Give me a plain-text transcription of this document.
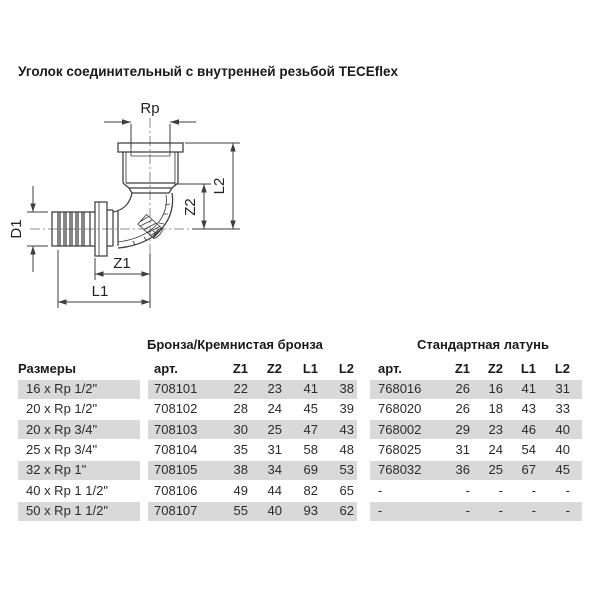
Уголок соединительный с внутренней резьбой TECEflex
Rp
D1
Z2
L2
Z1
L1
Бронза/Кремнистая бронза	Стандартная латунь
Размеры	арт.	Z1	Z2	L1	L2 арт.	Z1	Z2	L1	L2
16 x Rp 1/2"	708101	22	23	41	38 768016	26	16	41	31
20 x Rp 1/2"	708102	28	24	45	39 768020	26	18	43	33
20 x Rp 3/4"	708103	30	25	47	43 768002	29	23	46	40
25 x Rp 3/4"	708104	35	31	58	48 768025	31	24	54	40
32 x Rp 1"	708105	38	34	69	53 768032	36	25	67	45
40 x Rp 1 1/2"	708106	49	44	82	65 -	-	-	-	-
50 x Rp 1 1/2"	708107	55	40	93	62 -	-	-	-	-
